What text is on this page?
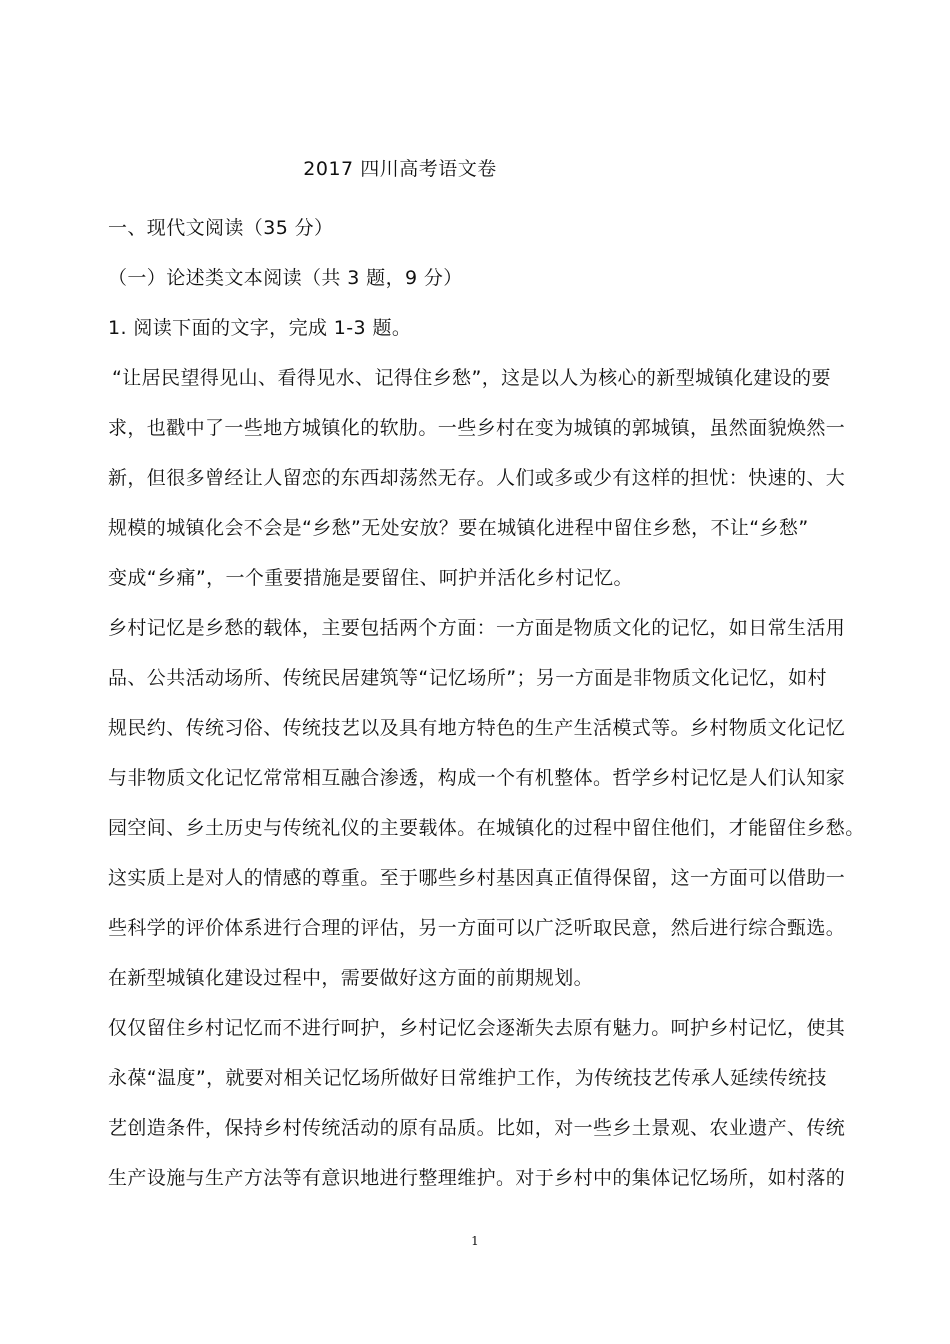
2017 四川高考语文卷
一、现代文阅读（35 分）
（一）论述类文本阅读（共 3 题，9 分）
1. 阅读下面的文字，完成 1-3 题。
“让居民望得见山、看得见水、记得住乡愁”，这是以人为核心的新型城镇化建设的要
求，也戳中了一些地方城镇化的软肋。一些乡村在变为城镇的郭城镇，虽然面貌焕然一
新，但很多曾经让人留恋的东西却荡然无存。人们或多或少有这样的担忧：快速的、大
规模的城镇化会不会是“乡愁”无处安放？要在城镇化进程中留住乡愁，不让“乡愁”
变成“乡痛”，一个重要措施是要留住、呵护并活化乡村记忆。
乡村记忆是乡愁的载体，主要包括两个方面：一方面是物质文化的记忆，如日常生活用
品、公共活动场所、传统民居建筑等“记忆场所”；另一方面是非物质文化记忆，如村
规民约、传统习俗、传统技艺以及具有地方特色的生产生活模式等。乡村物质文化记忆
与非物质文化记忆常常相互融合渗透，构成一个有机整体。哲学乡村记忆是人们认知家
园空间、乡土历史与传统礼仪的主要载体。在城镇化的过程中留住他们，才能留住乡愁。
这实质上是对人的情感的尊重。至于哪些乡村基因真正值得保留，这一方面可以借助一
些科学的评价体系进行合理的评估，另一方面可以广泛听取民意，然后进行综合甄选。
在新型城镇化建设过程中，需要做好这方面的前期规划。
仅仅留住乡村记忆而不进行呵护，乡村记忆会逐渐失去原有魅力。呵护乡村记忆，使其
永葆“温度”，就要对相关记忆场所做好日常维护工作，为传统技艺传承人延续传统技
艺创造条件，保持乡村传统活动的原有品质。比如，对一些乡土景观、农业遗产、传统
生产设施与生产方法等有意识地进行整理维护。对于乡村中的集体记忆场所，如村落的
1
